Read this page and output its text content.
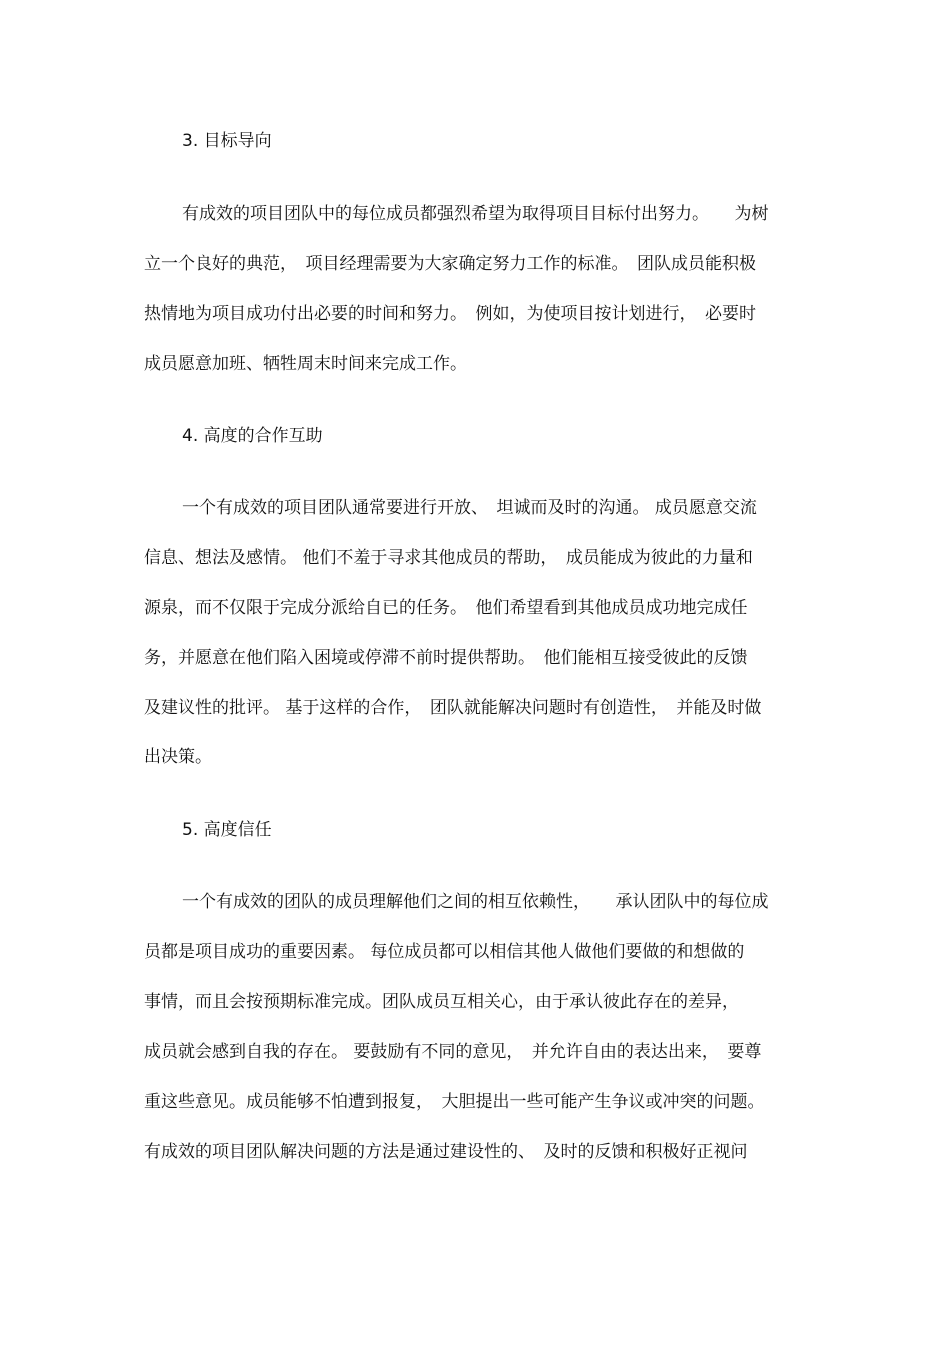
3. 目标导向
有成效的项目团队中的每位成员都强烈希望为取得项目目标付出努力。　　为树
立一个良好的典范，　项目经理需要为大家确定努力工作的标准。　团队成员能积极
热情地为项目成功付出必要的时间和努力。　例如，为使项目按计划进行，　必要时
成员愿意加班、牺牲周末时间来完成工作。
4. 高度的合作互助
一个有成效的项目团队通常要进行开放、　坦诚而及时的沟通。 成员愿意交流
信息、想法及感情。 他们不羞于寻求其他成员的帮助，　成员能成为彼此的力量和
源泉，而不仅限于完成分派给自已的任务。　他们希望看到其他成员成功地完成任
务，并愿意在他们陷入困境或停滞不前时提供帮助。　他们能相互接受彼此的反馈
及建议性的批评。 基于这样的合作，　团队就能解决问题时有创造性，　并能及时做
出决策。
5. 高度信任
一个有成效的团队的成员理解他们之间的相互依赖性，　　承认团队中的每位成
员都是项目成功的重要因素。 每位成员都可以相信其他人做他们要做的和想做的
事情，而且会按预期标准完成。团队成员互相关心，由于承认彼此存在的差异，
成员就会感到自我的存在。 要鼓励有不同的意见，　并允许自由的表达出来，　要尊
重这些意见。成员能够不怕遭到报复，　大胆提出一些可能产生争议或冲突的问题。
有成效的项目团队解决问题的方法是通过建设性的、　及时的反馈和积极好正视问
